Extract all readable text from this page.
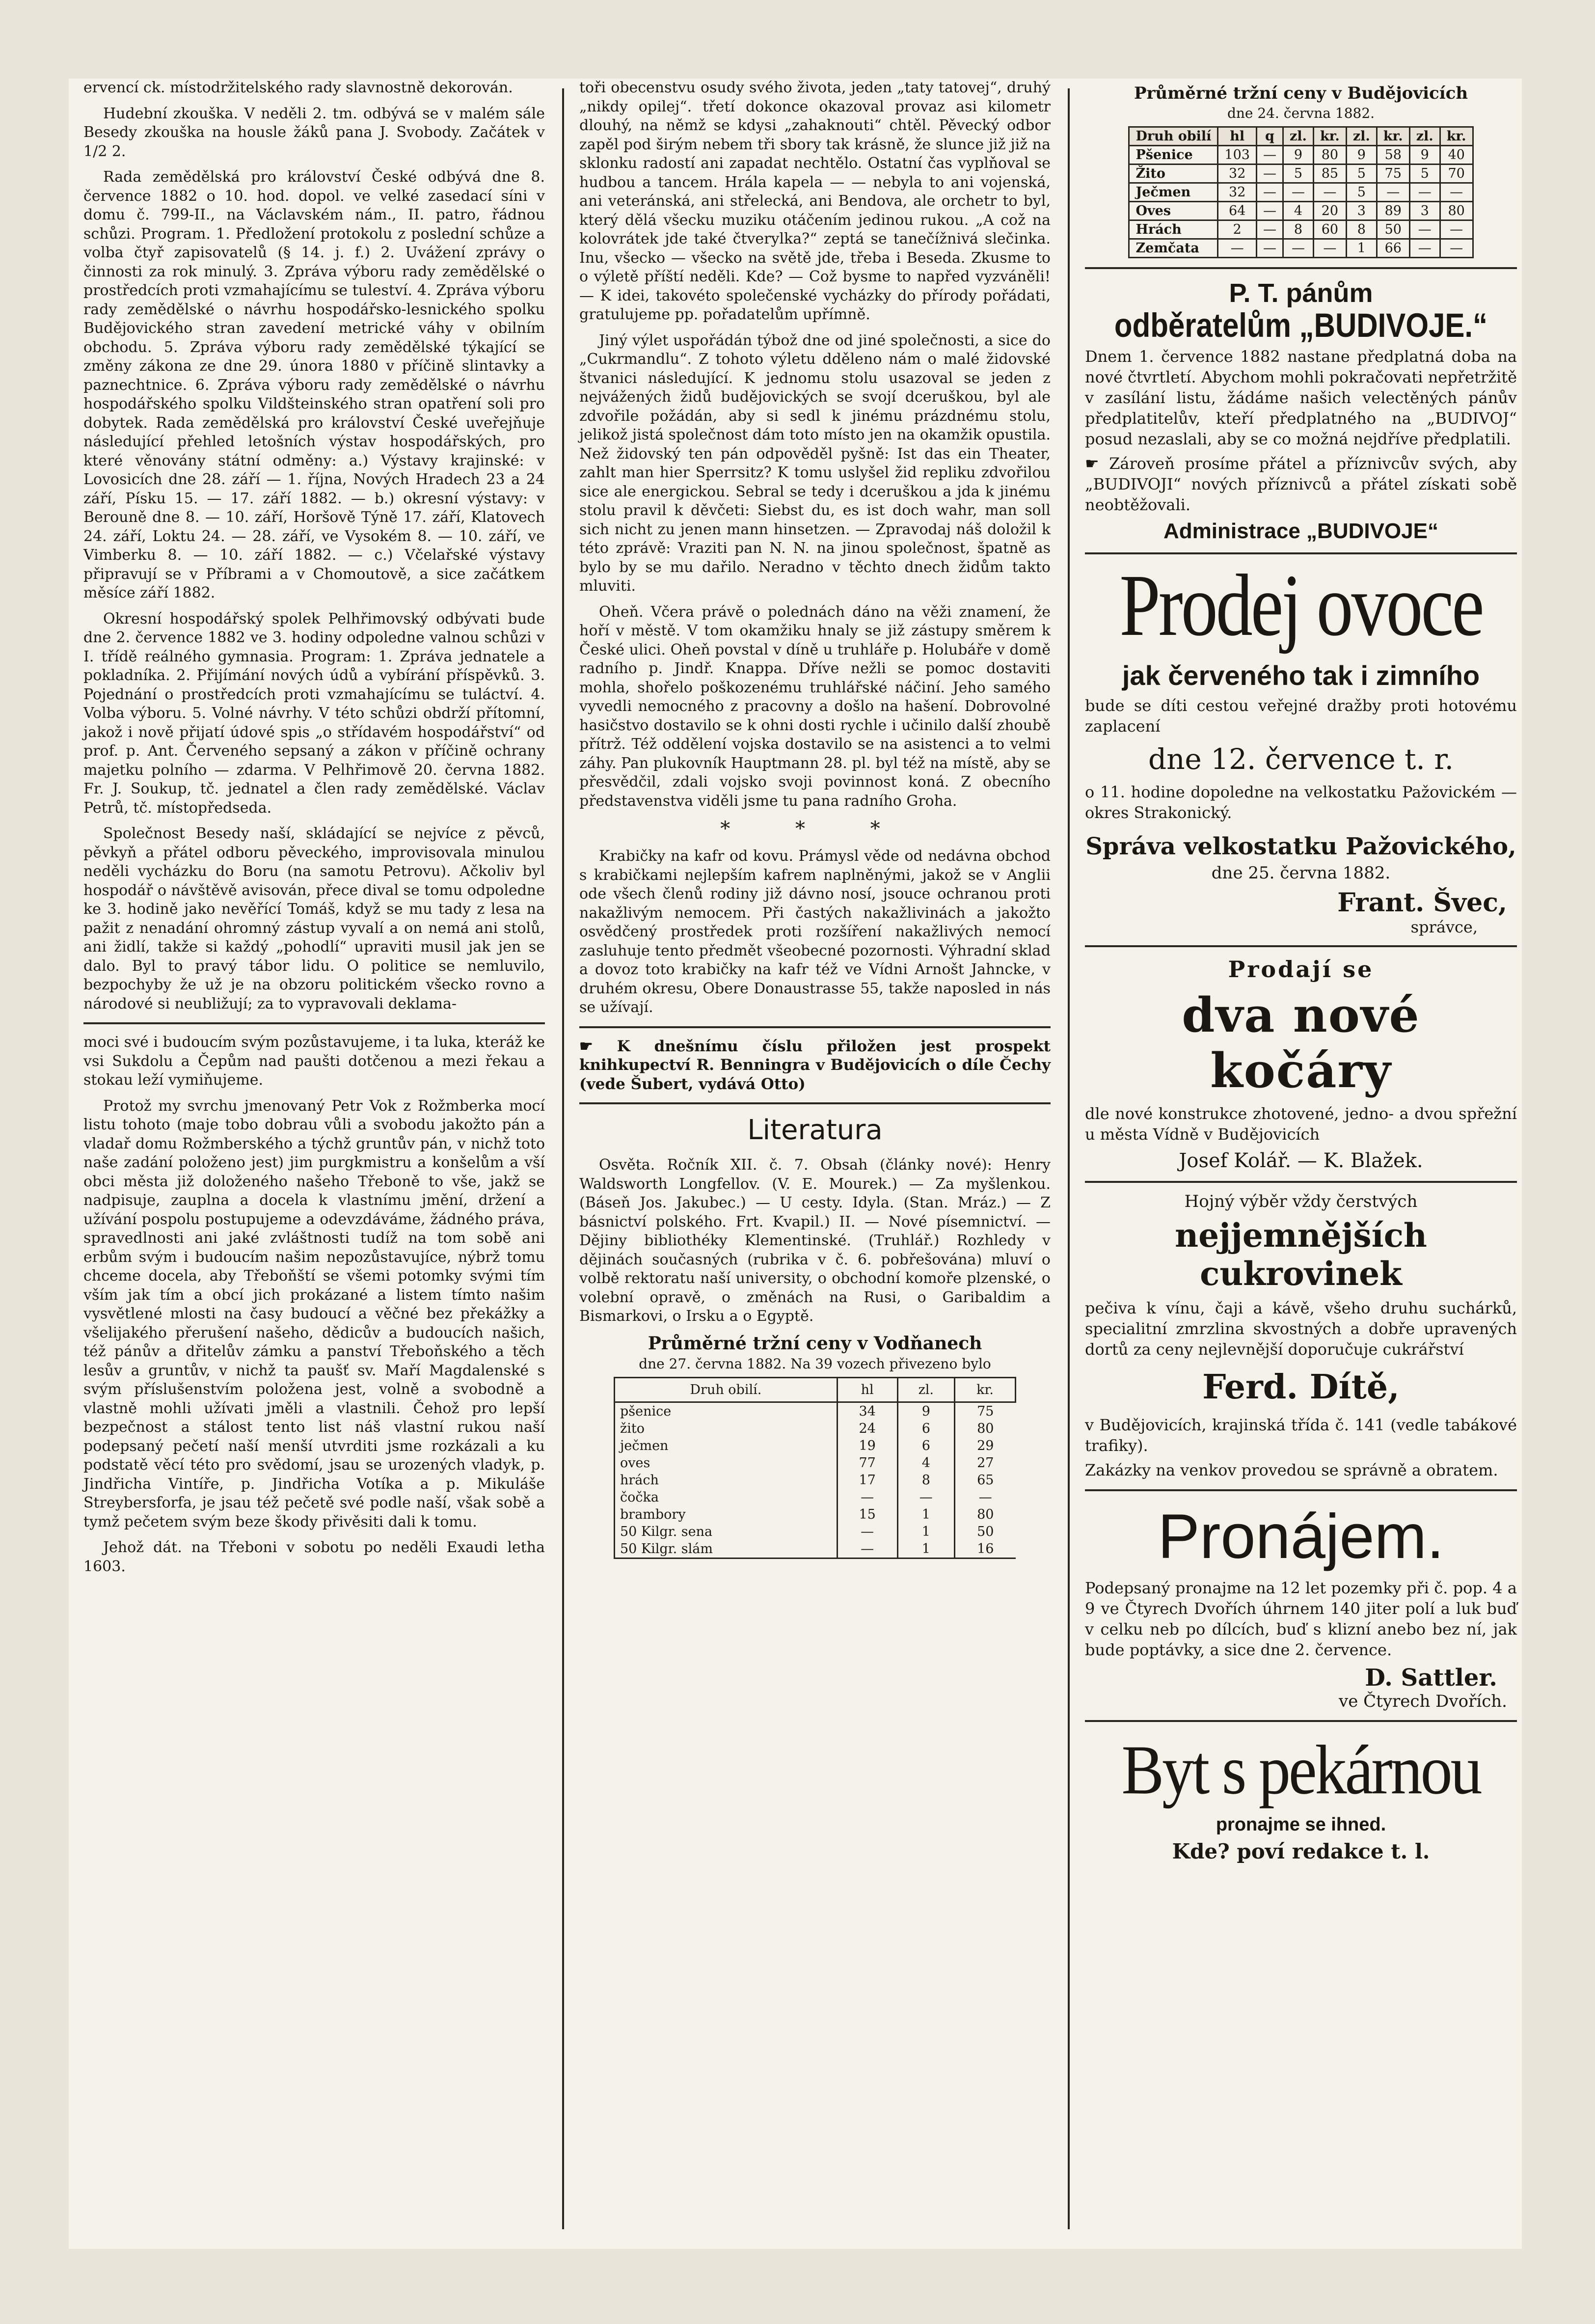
ervencí ck. místodržitelského rady slavnostně dekorován.

Hudební zkouška. V neděli 2. tm. odbývá se v malém sále Besedy zkouška na housle žáků pana J. Svobody. Začátek v 1/2 2.

Rada zemědělská pro království České odbývá dne 8. července 1882 o 10. hod. dopol. ve velké zasedací síni v domu č. 799-II., na Václavském nám., II. patro, řádnou schůzi. Program. 1. Předložení protokolu z poslední schůze a volba čtyř zapisovatelů (§ 14. j. f.) 2. Uvážení zprávy o činnosti za rok minulý. 3. Zpráva výboru rady zemědělské o prostředcích proti vzmahajícímu se tuleství. 4. Zpráva výboru rady zemědělské o návrhu hospodářsko-lesnického spolku Budějovického stran zavedení metrické váhy v obilním obchodu. 5. Zpráva výboru rady zemědělské týkající se změny zákona ze dne 29. února 1880 v příčině slintavky a paznechtnice. 6. Zpráva výboru rady zemědělské o návrhu hospodářského spolku Vildšteinského stran opatření soli pro dobytek. Rada zemědělská pro království České uveřejňuje následující přehled letošních výstav hospodářských, pro které věnovány státní odměny: a.) Výstavy krajinské: v Lovosicích dne 28. září — 1. října, Nových Hradech 23 a 24 září, Písku 15. — 17. září 1882. — b.) okresní výstavy: v Berouně dne 8. — 10. září, Horšově Týně 17. září, Klatovech 24. září, Loktu 24. — 28. září, ve Vysokém 8. — 10. září, ve Vimberku 8. — 10. září 1882. — c.) Včelařské výstavy připravují se v Příbrami a v Chomoutově, a sice začátkem měsíce září 1882.

Okresní hospodářský spolek Pelhřimovský odbývati bude dne 2. července 1882 ve 3. hodiny odpoledne valnou schůzi v I. třídě reálného gymnasia. Program: 1. Zpráva jednatele a pokladníka. 2. Přijímání nových údů a vybírání příspěvků. 3. Pojednání o prostředcích proti vzmahajícímu se tuláctví. 4. Volba výboru. 5. Volné návrhy. V této schůzi obdrží přítomní, jakož i nově přijatí údové spis „o střídavém hospodářství“ od prof. p. Ant. Červeného sepsaný a zákon v příčině ochrany majetku polního — zdarma. V Pelhřimově 20. června 1882. Fr. J. Soukup, tč. jednatel a člen rady zemědělské. Václav Petrů, tč. místopředseda.

Společnost Besedy naší, skládající se nejvíce z pěvců, pěvkyň a přátel odboru pěveckého, improvisovala minulou neděli vycházku do Boru (na samotu Petrovu). Ačkoliv byl hospodář o návštěvě avisován, přece dival se tomu odpoledne ke 3. hodině jako nevěřící Tomáš, když se mu tady z lesa na pažit z nenadání ohromný zástup vyvalí a on nemá ani stolů, ani židlí, takže si každý „pohodlí“ upraviti musil jak jen se dalo. Byl to pravý tábor lidu. O politice se nemluvilo, bezpochyby že už je na obzoru politickém všecko rovno a národové si neubližují; za to vypravovali deklama-

moci své i budoucím svým pozůstavujeme, i ta luka, kteráž ke vsi Sukdolu a Čepům nad paušti dotčenou a mezi řekau a stokau leží vymiňujeme.

Protož my svrchu jmenovaný Petr Vok z Rožmberka mocí listu tohoto (maje tobo dobrau vůli a svobodu jakožto pán a vladař domu Rožmberského a týchž gruntův pán, v nichž toto naše zadání položeno jest) jim purgkmistru a konšelům a vší obci města již doloženého našeho Třeboně to vše, jakž se nadpisuje, zauplna a docela k vlastnímu jmění, držení a užívání pospolu postupujeme a odevzdáváme, žádného práva, spravedlnosti ani jaké zvláštnosti tudíž na tom sobě ani erbům svým i budoucím našim nepozůstavujíce, nýbrž tomu chceme docela, aby Třeboňští se všemi potomky svými tím vším jak tím a obcí jich prokázané a listem tímto našim vysvětlené mlosti na časy budoucí a věčné bez překážky a všelijakého přerušení našeho, dědicův a budoucích našich, též pánův a dřitelův zámku a panství Třeboňského a těch lesův a gruntův, v nichž ta paušť sv. Maří Magdalenské s svým příslušenstvím položena jest, volně a svobodně a vlastně mohli užívati jměli a vlastnili. Čehož pro lepší bezpečnost a stálost tento list náš vlastní rukou naší podepsaný pečetí naší menší utvrditi jsme rozkázali a ku podstatě věcí této pro svědomí, jsau se urozených vladyk, p. Jindřicha Vintíře, p. Jindřicha Votíka a p. Mikuláše Streybersforfa, je jsau též pečetě své podle naší, však sobě a tymž pečetem svým beze škody přivěsiti dali k tomu.

Jehož dát. na Třeboni v sobotu po neděli Exaudi letha 1603.

toři obecenstvu osudy svého života, jeden „taty tatovej“, druhý „nikdy opilej“. třetí dokonce okazoval provaz asi kilometr dlouhý, na němž se kdysi „zahaknouti“ chtěl. Pěvecký odbor zapěl pod širým nebem tři sbory tak krásně, že slunce již již na sklonku radostí ani zapadat nechtělo. Ostatní čas vyplňoval se hudbou a tancem. Hrála kapela — — nebyla to ani vojenská, ani veteránská, ani střelecká, ani Bendova, ale orchetr to byl, který dělá všecku muziku otáčením jedinou rukou. „A což na kolovrátek jde také čtverylka?“ zeptá se tanečížnivá slečinka. Inu, všecko — všecko na světě jde, třeba i Beseda. Zkusme to o výletě příští neděli. Kde? — Což bysme to napřed vyzváněli! — K idei, takovéto společenské vycházky do přírody pořádati, gratulujeme pp. pořadatelům upřímně.

Jiný výlet uspořádán týbož dne od jiné společnosti, a sice do „Cukrmandlu“. Z tohoto výletu dděleno nám o malé židovské štvanici následující. K jednomu stolu usazoval se jeden z nejvážených židů budějovických se svojí dceruškou, byl ale zdvořile požádán, aby si sedl k jinému prázdnému stolu, jelikož jistá společnost dám toto místo jen na okamžik opustila. Než židovský ten pán odpověděl pyšně: Ist das ein Theater, zahlt man hier Sperrsitz? K tomu uslyšel žid repliku zdvořilou sice ale energickou. Sebral se tedy i dceruškou a jda k jinému stolu pravil k děvčeti: Siebst du, es ist doch wahr, man soll sich nicht zu jenen mann hinsetzen. — Zpravodaj náš doložil k této zprávě: Vraziti pan N. N. na jinou společnost, špatně as bylo by se mu dařilo. Neradno v těchto dnech židům takto mluviti.

Oheň. Včera právě o polednách dáno na věži znamení, že hoří v městě. V tom okamžiku hnaly se již zástupy směrem k České ulici. Oheň povstal v díně u truhláře p. Holubáře v domě radního p. Jindř. Knappa. Dříve nežli se pomoc dostaviti mohla, shořelo poškozenému truhlářské náčiní. Jeho samého vyvedli nemocného z pracovny a došlo na hašení. Dobrovolné hasičstvo dostavilo se k ohni dosti rychle i učinilo další zhoubě přítrž. Též oddělení vojska dostavilo se na asistenci a to velmi záhy. Pan plukovník Hauptmann 28. pl. byl též na místě, aby se přesvědčil, zdali vojsko svoji povinnost koná. Z obecního představenstva viděli jsme tu pana radního Groha.

* * *

Krabičky na kafr od kovu. Prámysl věde od nedávna obchod s krabičkami nejlepším kafrem naplněnými, jakož se v Anglii ode všech členů rodiny již dávno nosí, jsouce ochranou proti nakažlivým nemocem. Při častých nakažlivinách a jakožto osvědčený prostředek proti rozšíření nakažlivých nemocí zasluhuje tento předmět všeobecné pozornosti. Výhradní sklad a dovoz toto krabičky na kafr též ve Vídni Arnošt Jahncke, v druhém okresu, Obere Donaustrasse 55, takže naposled in nás se užívají.

☛ K dnešnímu číslu přiložen jest prospekt knihkupectví R. Benningra v Budějovicích o díle Čechy (vede Šubert, vydává Otto)

Literatura

Osvěta. Ročník XII. č. 7. Obsah (články nové): Henry Waldsworth Longfellov. (V. E. Mourek.) — Za myšlenkou. (Báseň Jos. Jakubec.) — U cesty. Idyla. (Stan. Mráz.) — Z básnictví polského. Frt. Kvapil.) II. — Nové písemnictví. — Dějiny bibliothéky Klementinské. (Truhlář.) Rozhledy v dějinách současných (rubrika v č. 6. pobřešována) mluví o volbě rektoratu naší university, o obchodní komoře plzenské, o volební opravě, o změnách na Rusi, o Garibaldim a Bismarkovi, o Irsku a o Egyptě.

Průměrné tržní ceny v Vodňanech
dne 27. června 1882. Na 39 vozech přivezeno bylo
Druh obilí.	hl	zl.	kr.
pšenice	34	9	75
žito	24	6	80
ječmen	19	6	29
oves	77	4	27
hrách	17	8	65
čočka	—	—	—
brambory	15	1	80
50 Kilgr. sena	—	1	50
50 Kilgr. slám	—	1	16
Průměrné tržní ceny v Budějovicích
dne 24. června 1882.
Druh obilí	hl	q	zl.	kr.	zl.	kr.	zl.	kr.
Pšenice	103	—	9	80	9	58	9	40
Žito	32	—	5	85	5	75	5	70
Ječmen	32	—	—	—	5	—	—	—
Oves	64	—	4	20	3	89	3	80
Hrách	2	—	8	60	8	50	—	—
Zemčata	—	—	—	—	1	66	—	—
P. T. pánům
odběratelům „BUDIVOJE.“

Dnem 1. července 1882 nastane předplatná doba na nové čtvrtletí. Abychom mohli pokračovati nepřetržitě v zasílání listu, žádáme našich velectěných pánův předplatitelův, kteří předplatného na „BUDIVOJ“ posud nezaslali, aby se co možná nejdříve předplatili.

☛ Zároveň prosíme přátel a příznivcův svých, aby „BUDIVOJI“ nových příznivců a přátel získati sobě neobtěžovali.

Administrace „BUDIVOJE“
Prodej ovoce
jak červeného tak i zimního

bude se díti cestou veřejné dražby proti hotovému zaplacení

dne 12. července t. r.

o 11. hodine dopoledne na velkostatku Pažovickém — okres Strakonický.

Správa velkostatku Pažovického,
dne 25. června 1882.
Frant. Švec,
správce,
Prodají se
dva nové kočáry

dle nové konstrukce zhotovené, jedno- a dvou spřežní u města Vídně v Budějovicích

Josef Kolář. — K. Blažek.
Hojný výběr vždy čerstvých
nejjemnějších cukrovinek

pečiva k vínu, čaji a kávě, všeho druhu suchárků, specialitní zmrzlina skvostných a dobře upravených dortů za ceny nejlevnější doporučuje cukrářství

Ferd. Dítě,

v Budějovicích, krajinská třída č. 141 (vedle tabákové trafiky).

Zakázky na venkov provedou se správně a obratem.

Pronájem.

Podepsaný pronajme na 12 let pozemky při č. pop. 4 a 9 ve Čtyrech Dvořích úhrnem 140 jiter polí a luk buď v celku neb po dílcích, buď s klizní anebo bez ní, jak bude poptávky, a sice dne 2. července.

D. Sattler.
ve Čtyrech Dvořích.
Byt s pekárnou
pronajme se ihned.
Kde? poví redakce t. l.
